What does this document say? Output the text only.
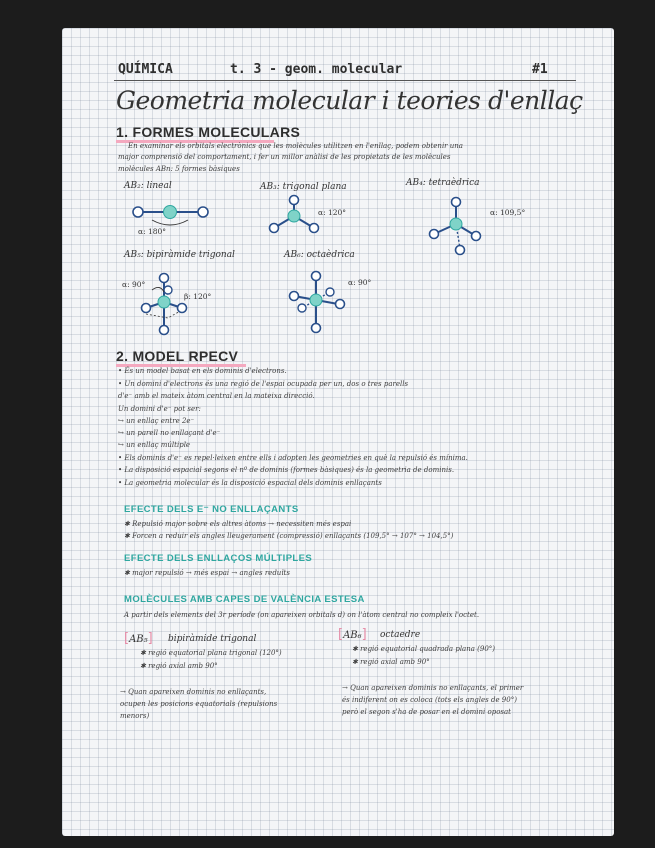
QUÍMICA	t. 3 - geom. molecular	#1
Geometria molecular i teories d'enllaç
1. FORMES MOLECULARS
En examinar els orbitals electrònics que les molècules utilitzen en l'enllaç, podem obtenir una
major comprensió del comportament, i fer un millor anàlisi de les propietats de les molècules
molècules ABn: 5 formes bàsiques
AB₂: lineal	AB₃: trigonal plana	AB₄: tetraèdrica
α: 180°
α: 120°	α: 109,5°
AB₅: bipiràmide trigonal	AB₆: octaèdrica
α: 90°
β: 120°
α: 90°
2. MODEL RPECV
• És un model basat en els dominis d'electrons.
• Un domini d'electrons és una regió de l'espai ocupada per un, dos o tres parells
d'e⁻ amb el mateix àtom central en la mateixa direcció.
Un domini d'e⁻ pot ser:
↪ un enllaç entre 2e⁻
↪ un parell no enllaçant d'e⁻
↪ un enllaç múltiple
• Els dominis d'e⁻ es repel·leixen entre ells i adopten les geometries en què la repulsió és mínima.
• La disposició espacial segons el nº de dominis (formes bàsiques) és la geometria de dominis.
• La geometria molecular és la disposició espacial dels dominis enllaçants
EFECTE DELS E⁻ NO ENLLAÇANTS
✱ Repulsió major sobre els altres àtoms → necessiten més espai
✱ Forcen a reduir els angles lleugerament (compressió) enllaçants (109,5° → 107° → 104,5°)
EFECTE DELS ENLLAÇOS MÚLTIPLES
✱ major repulsió → més espai → angles reduïts
MOLÈCULES AMB CAPES DE VALÈNCIA ESTESA
A partir dels elements del 3r període (on apareixen orbitals d) on l'àtom central no compleix l'octet.
[AB₅] bipiràmide trigonal
✱ regió equatorial plana trigonal (120°)
✱ regió axial amb 90°
[AB₆] octaedre
✱ regió equatorial quadrada plana (90°)
✱ regió axial amb 90°
→ Quan apareixen dominis no enllaçants,
ocupen les posicions equatorials (repulsions
menors)
→ Quan apareixen dominis no enllaçants, el primer
és indiferent on es coloca (tots els angles de 90°)
però el segon s'ha de posar en el domini oposat
